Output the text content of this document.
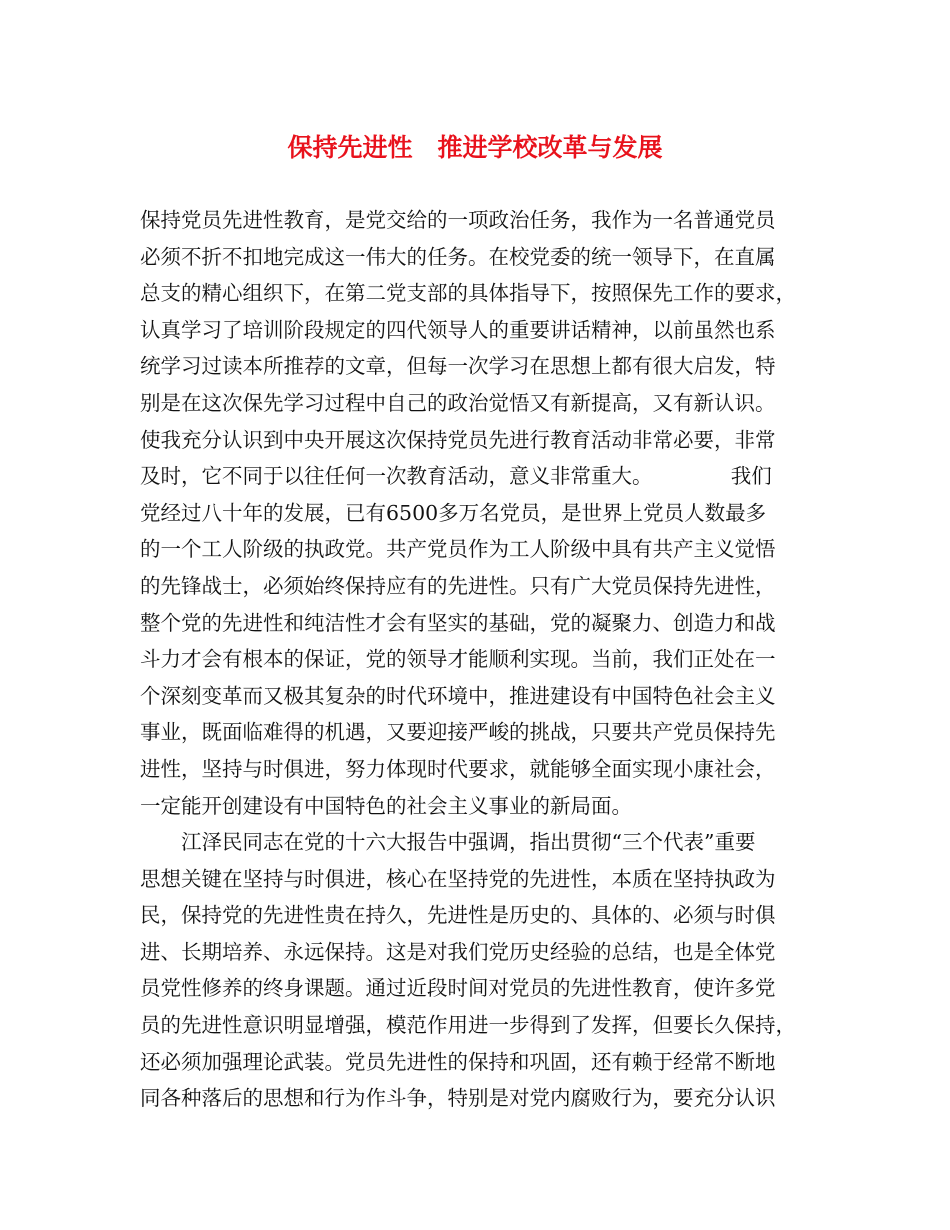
保持先进性　推进学校改革与发展
保持党员先进性教育，是党交给的一项政治任务，我作为一名普通党员
必须不折不扣地完成这一伟大的任务。在校党委的统一领导下，在直属
总支的精心组织下，在第二党支部的具体指导下，按照保先工作的要求，
认真学习了培训阶段规定的四代领导人的重要讲话精神，以前虽然也系
统学习过读本所推荐的文章，但每一次学习在思想上都有很大启发，特
别是在这次保先学习过程中自己的政治觉悟又有新提高，又有新认识。
使我充分认识到中央开展这次保持党员先进行教育活动非常必要，非常
及时，它不同于以往任何一次教育活动，意义非常重大。            我们
党经过八十年的发展，已有6500多万名党员，是世界上党员人数最多
的一个工人阶级的执政党。共产党员作为工人阶级中具有共产主义觉悟
的先锋战士，必须始终保持应有的先进性。只有广大党员保持先进性，
整个党的先进性和纯洁性才会有坚实的基础，党的凝聚力、创造力和战
斗力才会有根本的保证，党的领导才能顺利实现。当前，我们正处在一
个深刻变革而又极其复杂的时代环境中，推进建设有中国特色社会主义
事业，既面临难得的机遇，又要迎接严峻的挑战，只要共产党员保持先
进性，坚持与时俱进，努力体现时代要求，就能够全面实现小康社会，
一定能开创建设有中国特色的社会主义事业的新局面。
江泽民同志在党的十六大报告中强调，指出贯彻“三个代表”重要
思想关键在坚持与时俱进，核心在坚持党的先进性，本质在坚持执政为
民，保持党的先进性贵在持久，先进性是历史的、具体的、必须与时俱
进、长期培养、永远保持。这是对我们党历史经验的总结，也是全体党
员党性修养的终身课题。通过近段时间对党员的先进性教育，使许多党
员的先进性意识明显增强，模范作用进一步得到了发挥，但要长久保持，
还必须加强理论武装。党员先进性的保持和巩固，还有赖于经常不断地
同各种落后的思想和行为作斗争，特别是对党内腐败行为，要充分认识
